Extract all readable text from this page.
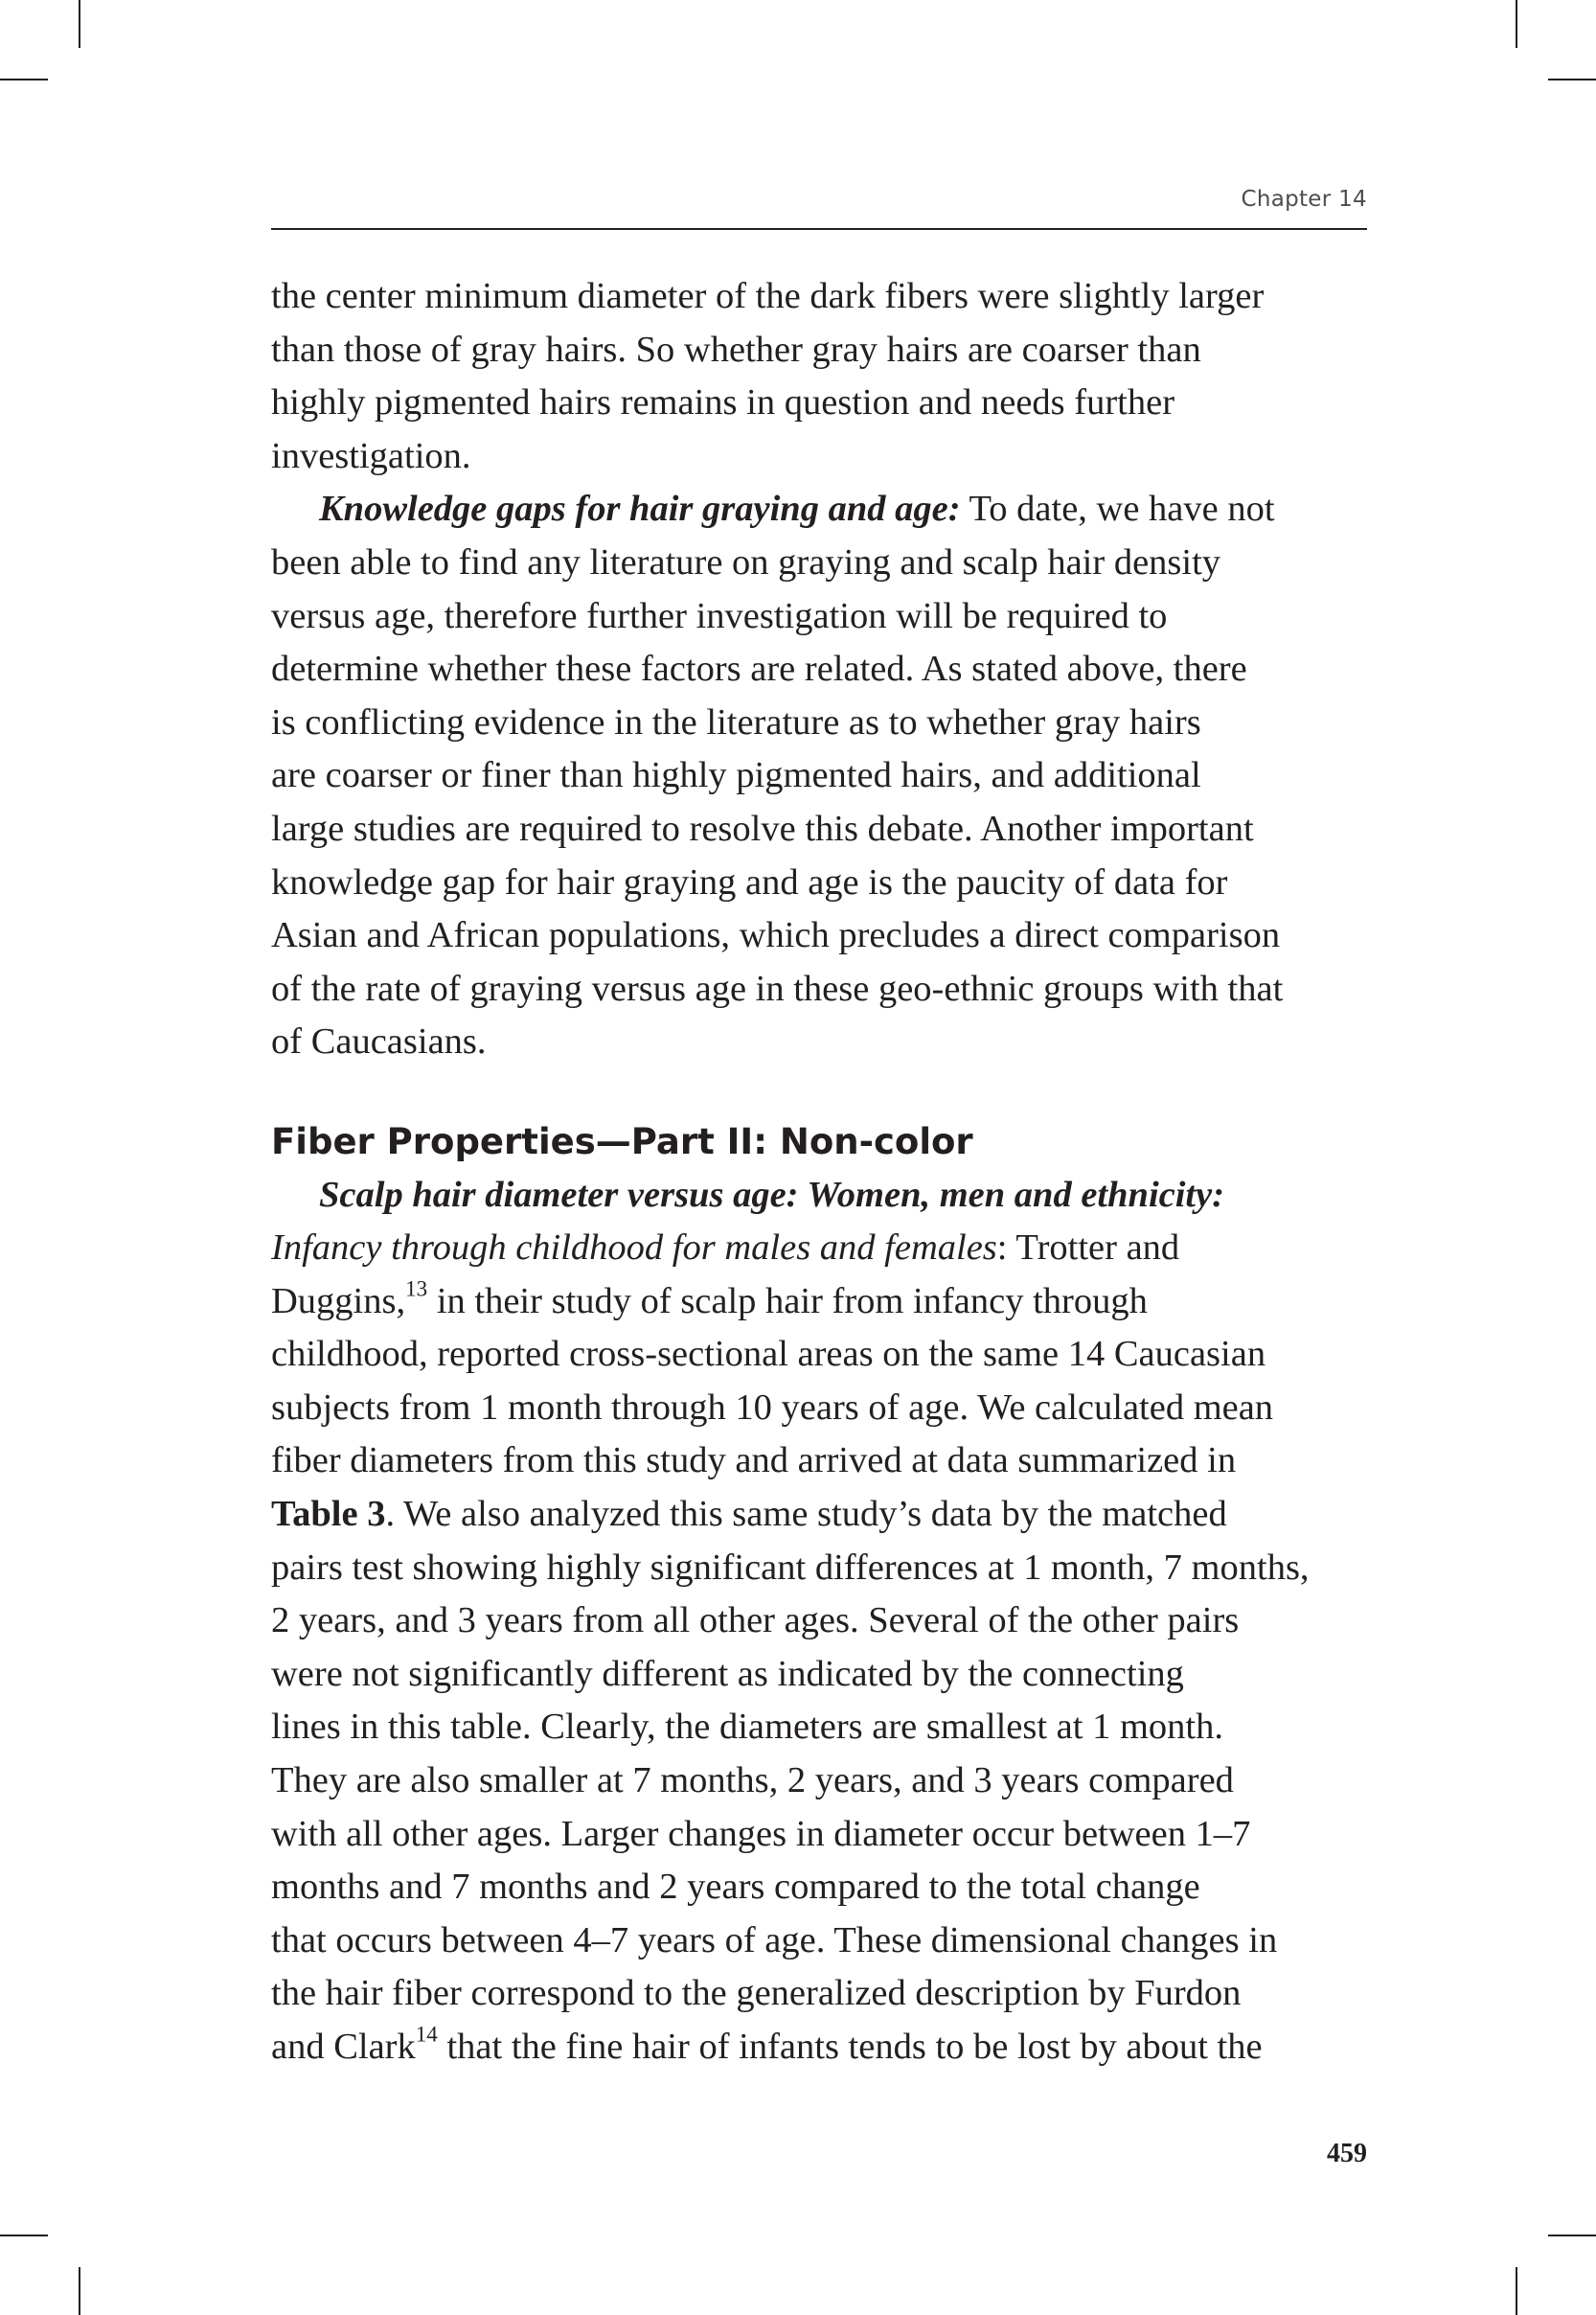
Chapter 14

the center minimum diameter of the dark fibers were slightly larger
than those of gray hairs. So whether gray hairs are coarser than
highly pigmented hairs remains in question and needs further
investigation.

Knowledge gaps for hair graying and age: To date, we have not
been able to find any literature on graying and scalp hair density
versus age, therefore further investigation will be required to
determine whether these factors are related. As stated above, there
is conflicting evidence in the literature as to whether gray hairs
are coarser or finer than highly pigmented hairs, and additional
large studies are required to resolve this debate. Another important
knowledge gap for hair graying and age is the paucity of data for
Asian and African populations, which precludes a direct comparison
of the rate of graying versus age in these geo-ethnic groups with that
of Caucasians.

Fiber Properties—Part II: Non-color

Scalp hair diameter versus age: Women, men and ethnicity:
Infancy through childhood for males and females: Trotter and
Duggins,$^{13}$ in their study of scalp hair from infancy through
childhood, reported cross-sectional areas on the same 14 Caucasian
subjects from 1 month through 10 years of age. We calculated mean
fiber diameters from this study and arrived at data summarized in
Table 3. We also analyzed this same study’s data by the matched
pairs test showing highly significant differences at 1 month, 7 months,
2 years, and 3 years from all other ages. Several of the other pairs
were not significantly different as indicated by the connecting
lines in this table. Clearly, the diameters are smallest at 1 month.
They are also smaller at 7 months, 2 years, and 3 years compared
with all other ages. Larger changes in diameter occur between 1–7
months and 7 months and 2 years compared to the total change
that occurs between 4–7 years of age. These dimensional changes in
the hair fiber correspond to the generalized description by Furdon
and Clark$^{14}$ that the fine hair of infants tends to be lost by about the

459
